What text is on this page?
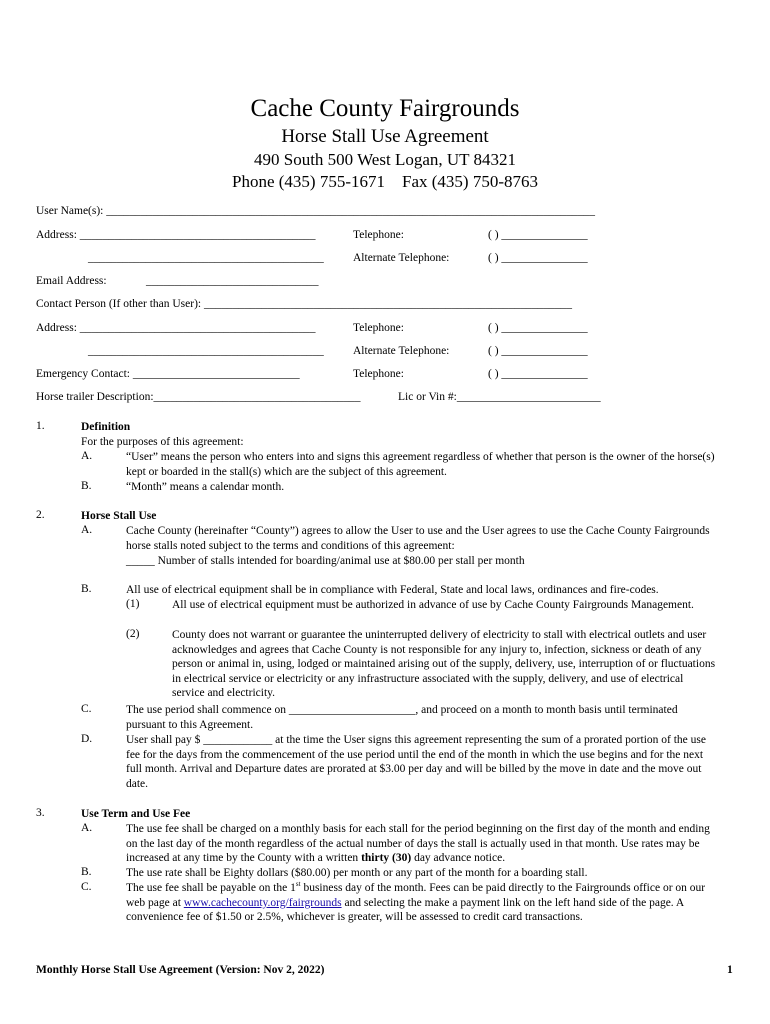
Cache County Fairgrounds
Horse Stall Use Agreement
490 South 500 West Logan, UT 84321
Phone (435) 755-1671 Fax (435) 750-8763
User Name(s): _____________________________________________________________________________________
Address: _________________________________________	Telephone:	( ) _______________
_________________________________________	Alternate Telephone:	( ) _______________
Email Address:	______________________________
Contact Person (If other than User): ________________________________________________________________
Address: _________________________________________	Telephone:	( ) _______________
_________________________________________	Alternate Telephone:	( ) _______________
Emergency Contact: _____________________________	Telephone:	( ) _______________
Horse trailer Description:____________________________________	Lic or Vin #:_________________________
1.	Definition
For the purposes of this agreement:
A.	“User” means the person who enters into and signs this agreement regardless of whether that person is the owner of the horse(s) kept or boarded in the stall(s) which are the subject of this agreement.
B.	“Month” means a calendar month.
2.	Horse Stall Use
A.	Cache County (hereinafter “County”) agrees to allow the User to use and the User agrees to use the Cache County Fairgrounds horse stalls noted subject to the terms and conditions of this agreement:
_____ Number of stalls intended for boarding/animal use at $80.00 per stall per month
B.	All use of electrical equipment shall be in compliance with Federal, State and local laws, ordinances and fire-codes.
(1)	All use of electrical equipment must be authorized in advance of use by Cache County Fairgrounds Management.
(2)	County does not warrant or guarantee the uninterrupted delivery of electricity to stall with electrical outlets and user acknowledges and agrees that Cache County is not responsible for any injury to, infection, sickness or death of any person or animal in, using, lodged or maintained arising out of the supply, delivery, use, interruption of or fluctuations in electrical service or electricity or any infrastructure associated with the supply, delivery, and use of electrical service and electricity.
C.	The use period shall commence on ______________________, and proceed on a month to month basis until terminated pursuant to this Agreement.
D.	User shall pay $ ____________ at the time the User signs this agreement representing the sum of a prorated portion of the use fee for the days from the commencement of the use period until the end of the month in which the use begins and for the next full month. Arrival and Departure dates are prorated at $3.00 per day and will be billed by the move in date and the move out date.
3.	Use Term and Use Fee
A.	The use fee shall be charged on a monthly basis for each stall for the period beginning on the first day of the month and ending on the last day of the month regardless of the actual number of days the stall is actually used in that month. Use rates may be increased at any time by the County with a written thirty (30) day advance notice.
B.	The use rate shall be Eighty dollars ($80.00) per month or any part of the month for a boarding stall.
C.	The use fee shall be payable on the 1st business day of the month. Fees can be paid directly to the Fairgrounds office or on our web page at www.cachecounty.org/fairgrounds and selecting the make a payment link on the left hand side of the page. A convenience fee of $1.50 or 2.5%, whichever is greater, will be assessed to credit card transactions.
Monthly Horse Stall Use Agreement (Version: Nov 2, 2022)	1
